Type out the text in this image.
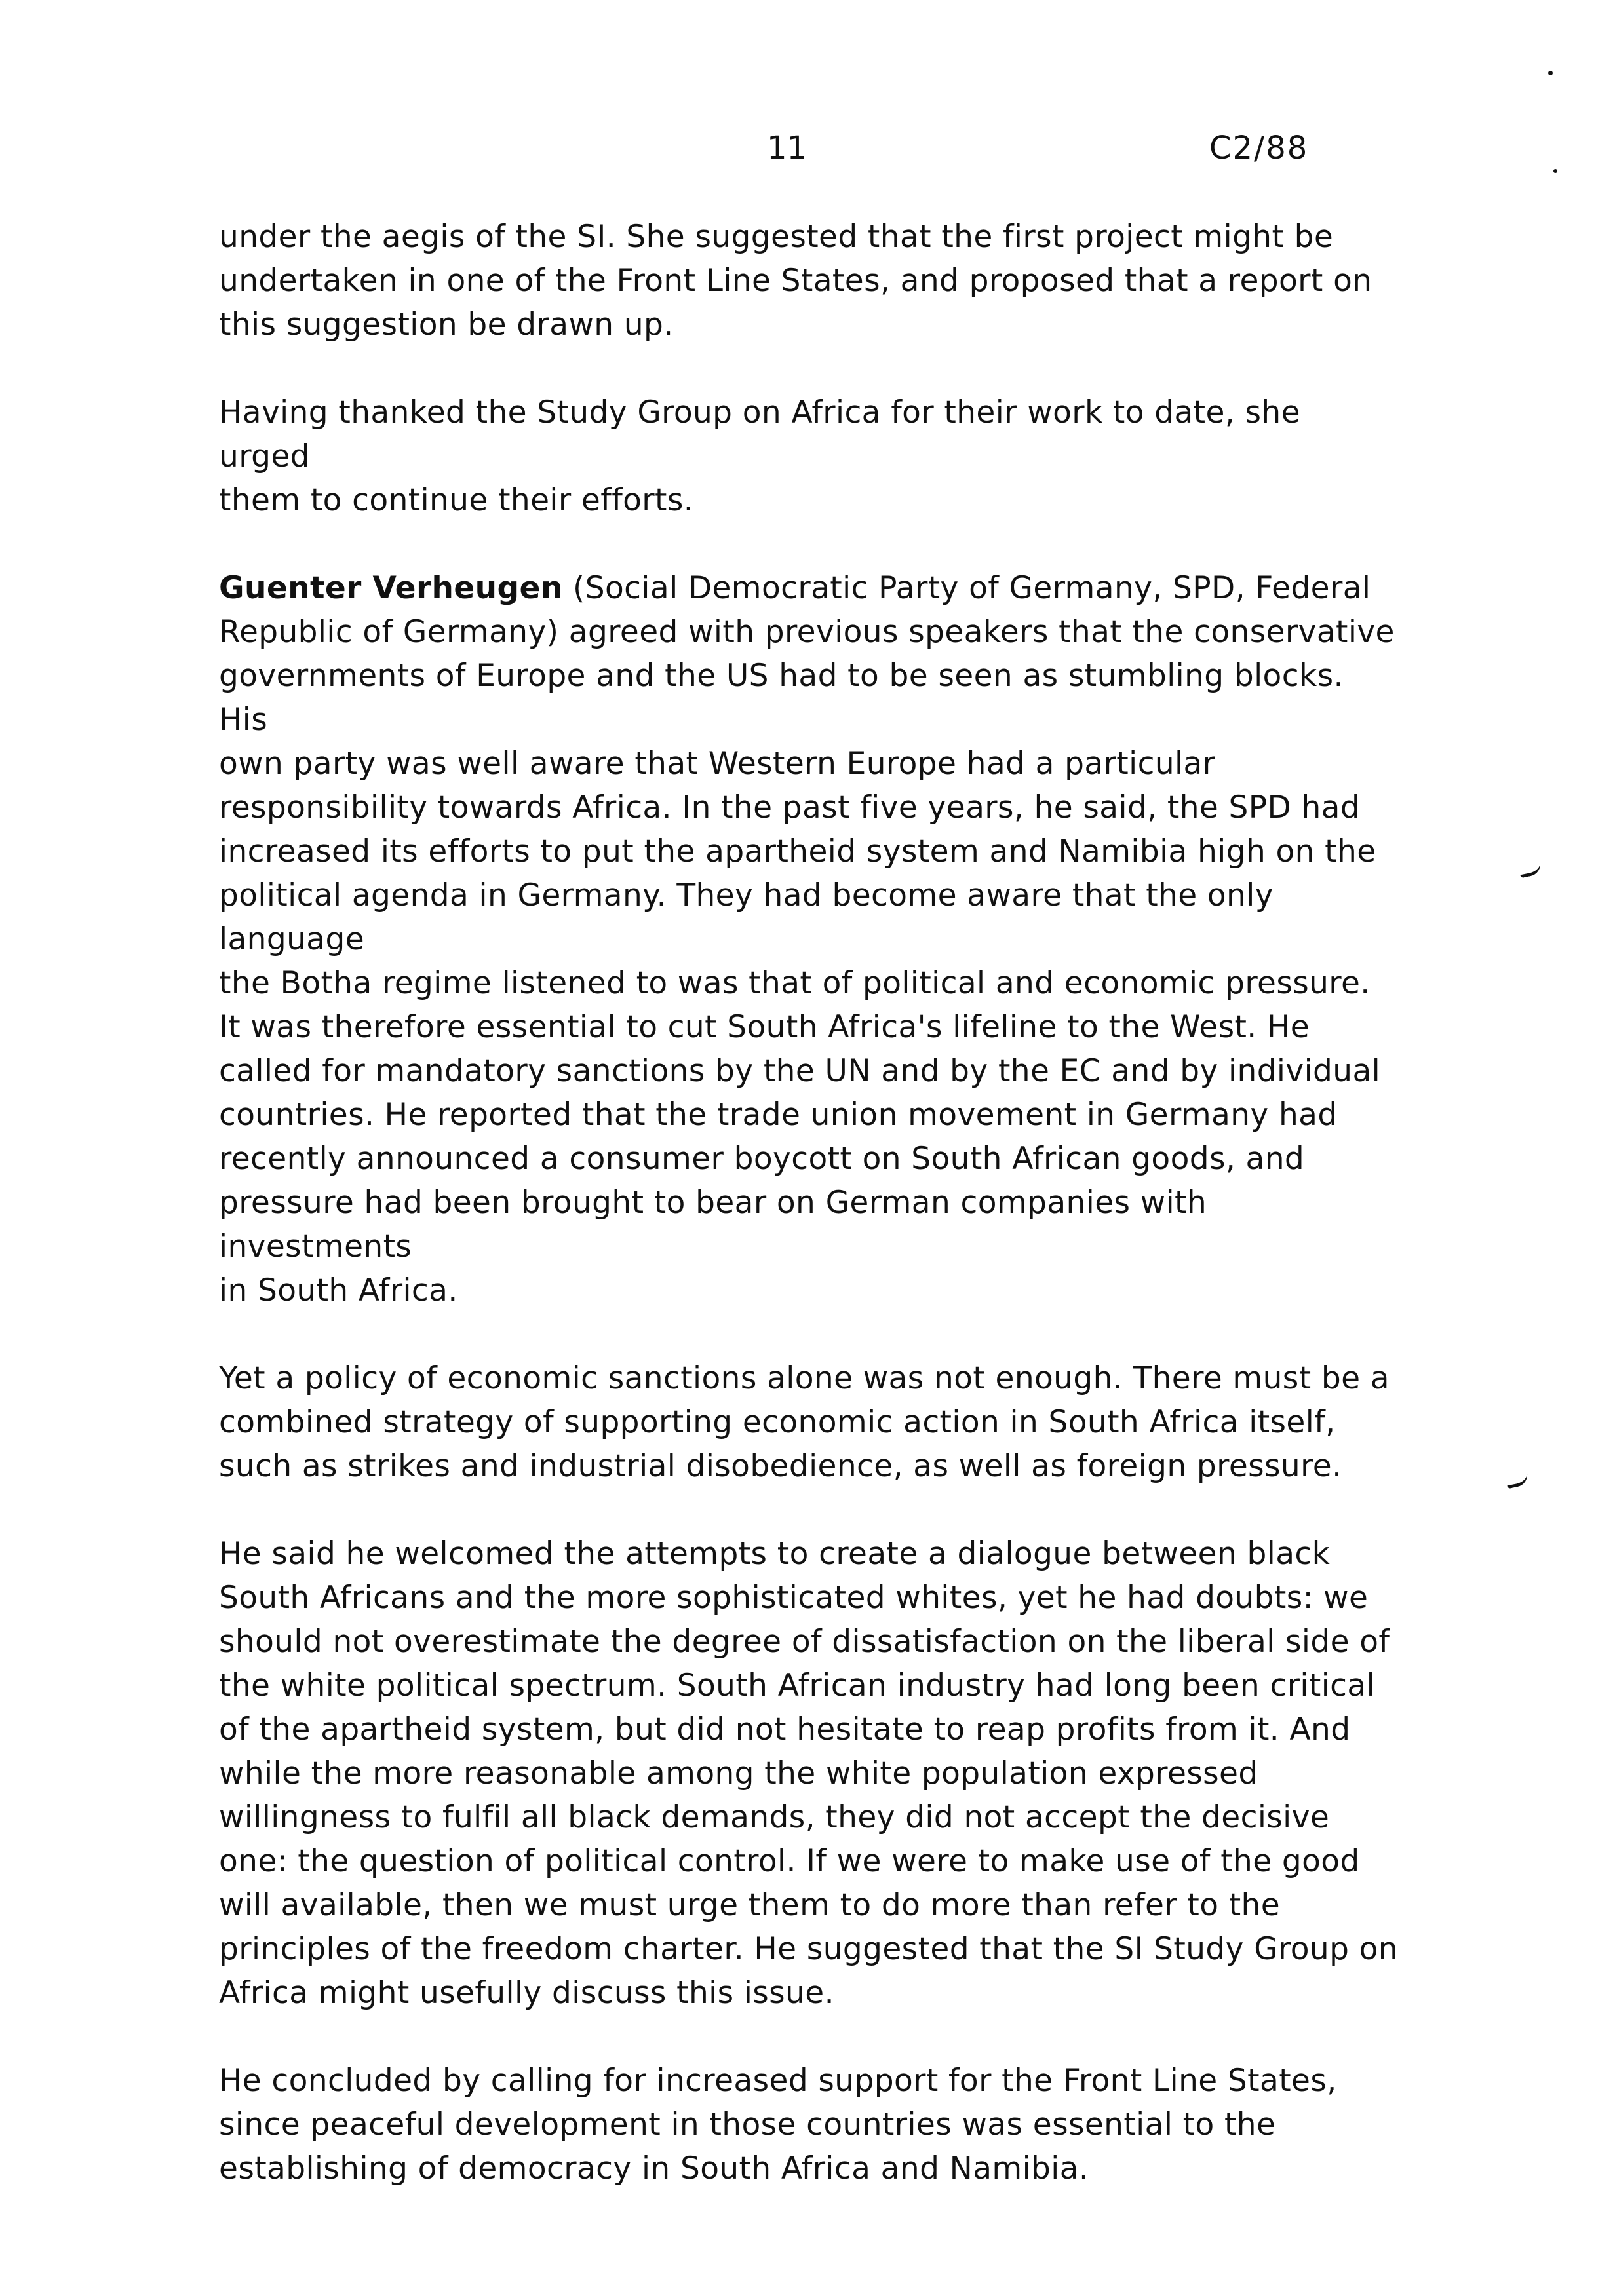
11	C2/88

under the aegis of the SI. She suggested that the first project might be
undertaken in one of the Front Line States, and proposed that a report on
this suggestion be drawn up.

Having thanked the Study Group on Africa for their work to date, she urged
them to continue their efforts.

Guenter Verheugen (Social Democratic Party of Germany, SPD, Federal
Republic of Germany) agreed with previous speakers that the conservative
governments of Europe and the US had to be seen as stumbling blocks. His
own party was well aware that Western Europe had a particular
responsibility towards Africa. In the past five years, he said, the SPD had
increased its efforts to put the apartheid system and Namibia high on the
political agenda in Germany. They had become aware that the only language
the Botha regime listened to was that of political and economic pressure.
It was therefore essential to cut South Africa's lifeline to the West. He
called for mandatory sanctions by the UN and by the EC and by individual
countries. He reported that the trade union movement in Germany had
recently announced a consumer boycott on South African goods, and
pressure had been brought to bear on German companies with investments
in South Africa.

Yet a policy of economic sanctions alone was not enough. There must be a
combined strategy of supporting economic action in South Africa itself,
such as strikes and industrial disobedience, as well as foreign pressure.

He said he welcomed the attempts to create a dialogue between black
South Africans and the more sophisticated whites, yet he had doubts: we
should not overestimate the degree of dissatisfaction on the liberal side of
the white political spectrum. South African industry had long been critical
of the apartheid system, but did not hesitate to reap profits from it. And
while the more reasonable among the white population expressed
willingness to fulfil all black demands, they did not accept the decisive
one: the question of political control. If we were to make use of the good
will available, then we must urge them to do more than refer to the
principles of the freedom charter. He suggested that the SI Study Group on
Africa might usefully discuss this issue.

He concluded by calling for increased support for the Front Line States,
since peaceful development in those countries was essential to the
establishing of democracy in South Africa and Namibia.
